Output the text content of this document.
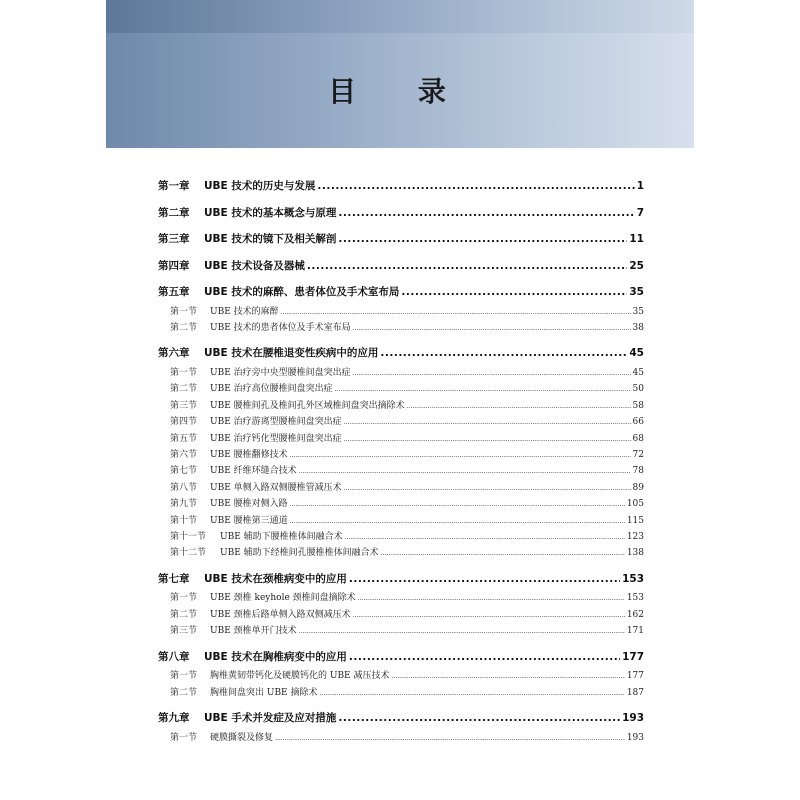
目 录
第一章	UBE 技术的历史与发展 .....	1
第二章	UBE 技术的基本概念与原理 .....	7
第三章	UBE 技术的镜下及相关解剖 .....	11
第四章	UBE 技术设备及器械 .....	25
第五章	UBE 技术的麻醉、患者体位及手术室布局 .....	35
第一节	UBE 技术的麻醉 .....	35
第二节	UBE 技术的患者体位及手术室布局 .....	38
第六章	UBE 技术在腰椎退变性疾病中的应用 .....	45
第一节	UBE 治疗旁中央型腰椎间盘突出症 .....	45
第二节	UBE 治疗高位腰椎间盘突出症 .....	50
第三节	UBE 腰椎间孔及椎间孔外区域椎间盘突出摘除术 .....	58
第四节	UBE 治疗游离型腰椎间盘突出症 .....	66
第五节	UBE 治疗钙化型腰椎间盘突出症 .....	68
第六节	UBE 腰椎翻修技术 .....	72
第七节	UBE 纤维环缝合技术 .....	78
第八节	UBE 单侧入路双侧腰椎管减压术 .....	89
第九节	UBE 腰椎对侧入路 .....	105
第十节	UBE 腰椎第三通道 .....	115
第十一节	UBE 辅助下腰椎椎体间融合术 .....	123
第十二节	UBE 辅助下经椎间孔腰椎椎体间融合术 .....	138
第七章	UBE 技术在颈椎病变中的应用 .....	153
第一节	UBE 颈椎 keyhole 颈椎间盘摘除术 .....	153
第二节	UBE 颈椎后路单侧入路双侧减压术 .....	162
第三节	UBE 颈椎单开门技术 .....	171
第八章	UBE 技术在胸椎病变中的应用 .....	177
第一节	胸椎黄韧带钙化及硬膜钙化的 UBE 减压技术 .....	177
第二节	胸椎间盘突出 UBE 摘除术 .....	187
第九章	UBE 手术并发症及应对措施 .....	193
第一节	硬膜撕裂及修复 .....	193
